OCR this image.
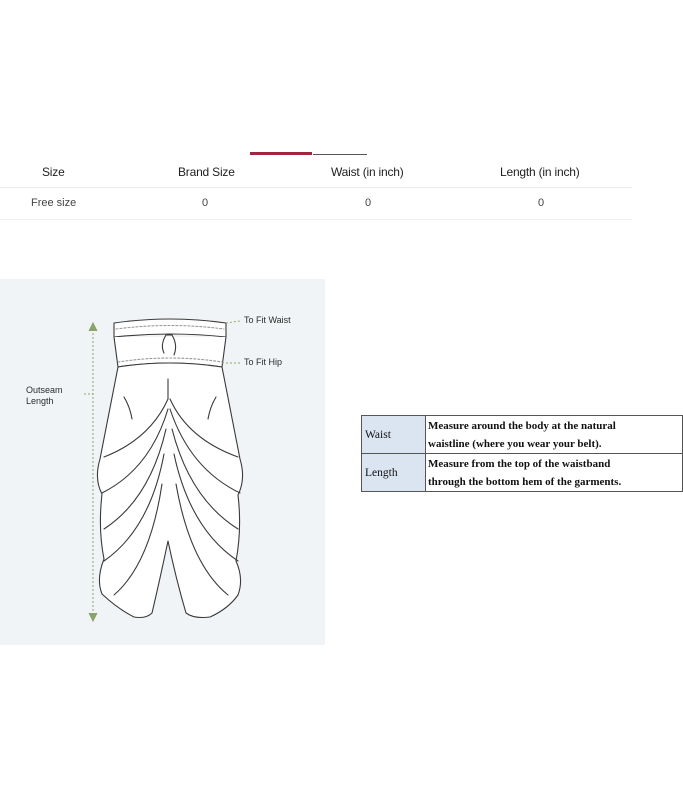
Size	Brand Size	Waist (in inch)	Length (in inch)
Free size	0	0	0
To Fit Waist
To Fit Hip
Outseam Length
Waist	Measure around the body at the natural
waistline (where you wear your belt).

Length	Measure from the top of the waistband
through the bottom hem of the garments.
